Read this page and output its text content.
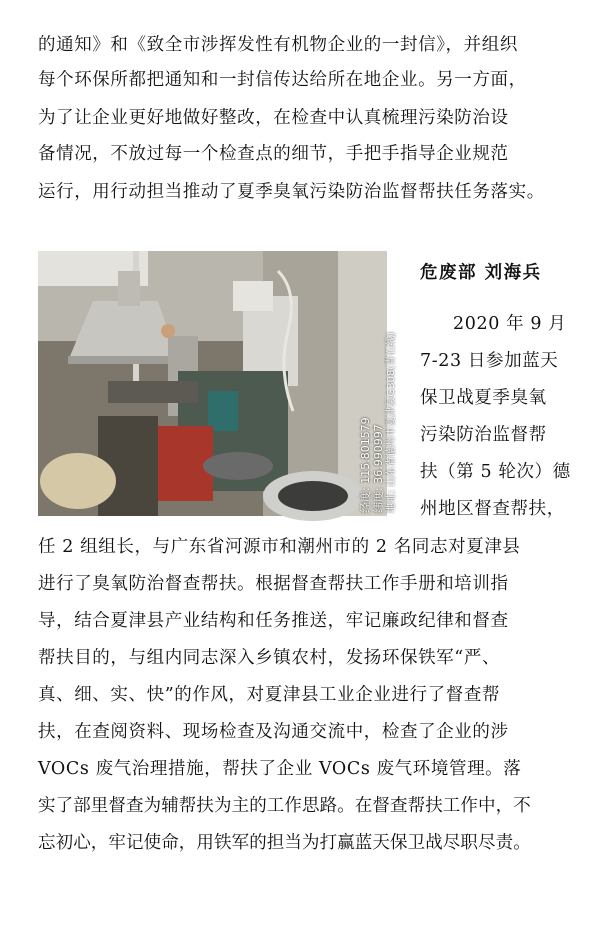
的通知》和《致全市涉挥发性有机物企业的一封信》，并组织
每个环保所都把通知和一封信传达给所在地企业。另一方面，
为了让企业更好地做好整改，在检查中认真梳理污染防治设
备情况，不放过每一个检查点的细节，手把手指导企业规范
运行，用行动担当推动了夏季臭氧污染防治监督帮扶任务落实。
经度: 115.801579 纬度: 36.990997 地址: 山东省德州市夏津县G308(青石线)
危废部 刘海兵
2020 年 9 月
7-23 日参加蓝天
保卫战夏季臭氧
污染防治监督帮
扶（第 5 轮次）德
州地区督查帮扶，
任 2 组组长，与广东省河源市和潮州市的 2 名同志对夏津县
进行了臭氧防治督查帮扶。根据督查帮扶工作手册和培训指
导，结合夏津县产业结构和任务推送，牢记廉政纪律和督查
帮扶目的，与组内同志深入乡镇农村，发扬环保铁军“严、
真、细、实、快”的作风，对夏津县工业企业进行了督查帮
扶，在查阅资料、现场检查及沟通交流中，检查了企业的涉
VOCs 废气治理措施，帮扶了企业 VOCs 废气环境管理。落
实了部里督查为辅帮扶为主的工作思路。在督查帮扶工作中，不
忘初心，牢记使命，用铁军的担当为打赢蓝天保卫战尽职尽责。
